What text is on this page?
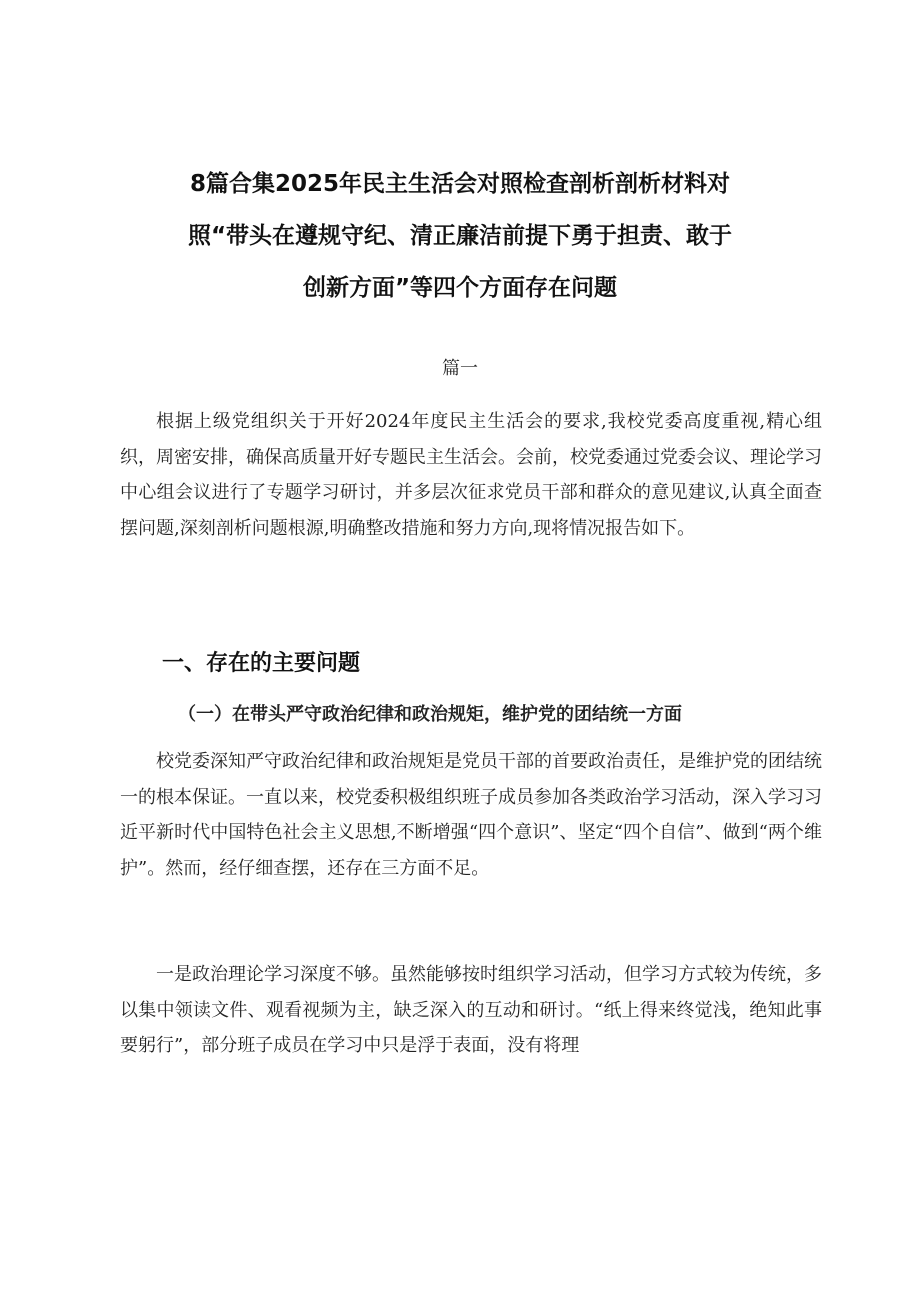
8篇合集2025年民主生活会对照检查剖析剖析材料对
照“带头在遵规守纪、清正廉洁前提下勇于担责、敢于
创新方面”等四个方面存在问题
篇一

根据上级党组织关于开好2024年度民主生活会的要求,我校党委高度重视,精心组织，周密安排，确保高质量开好专题民主生活会。会前，校党委通过党委会议、理论学习中心组会议进行了专题学习研讨，并多层次征求党员干部和群众的意见建议,认真全面查摆问题,深刻剖析问题根源,明确整改措施和努力方向,现将情况报告如下。

一、存在的主要问题
（一）在带头严守政治纪律和政治规矩，维护党的团结统一方面

校党委深知严守政治纪律和政治规矩是党员干部的首要政治责任，是维护党的团结统一的根本保证。一直以来，校党委积极组织班子成员参加各类政治学习活动，深入学习习近平新时代中国特色社会主义思想,不断增强“四个意识”、坚定“四个自信”、做到“两个维护”。然而，经仔细查摆，还存在三方面不足。

一是政治理论学习深度不够。虽然能够按时组织学习活动，但学习方式较为传统，多以集中领读文件、观看视频为主，缺乏深入的互动和研讨。“纸上得来终觉浅，绝知此事要躬行”，部分班子成员在学习中只是浮于表面，没有将理
